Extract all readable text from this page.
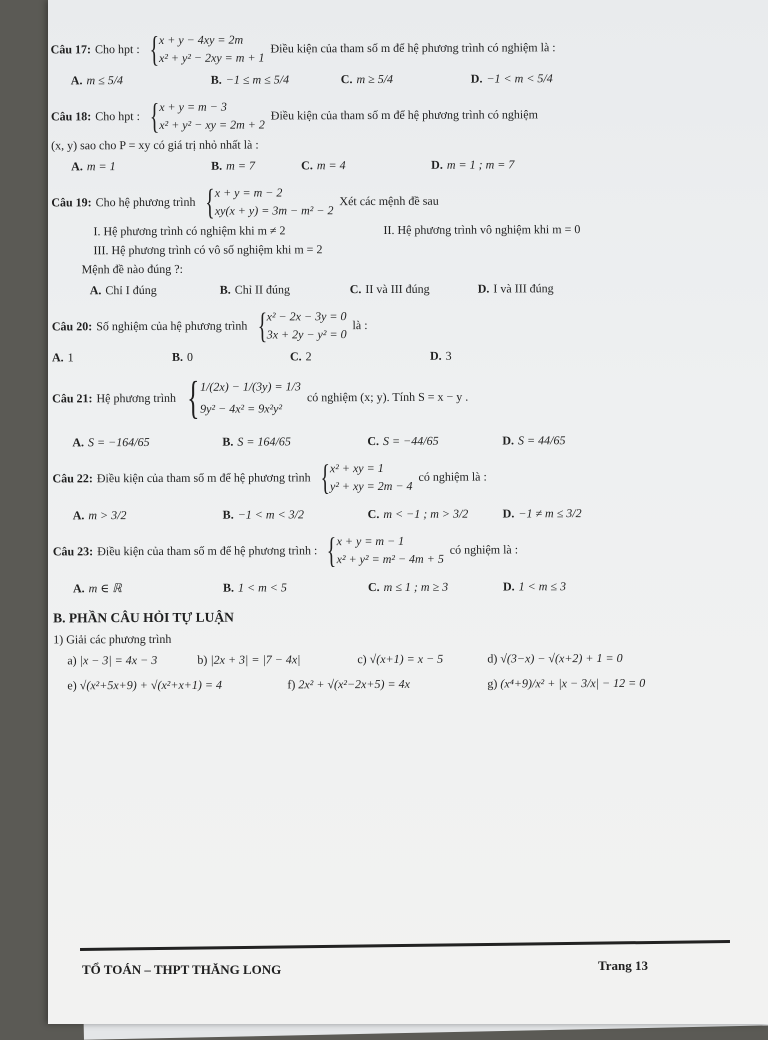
Câu 17: Cho hpt : { x + y − 4xy = 2m
x² + y² − 2xy = m + 1
Điều kiện của tham số m để hệ phương trình có nghiệm là :
A. m ≤ 5/4	B. −1 ≤ m ≤ 5/4	C. m ≥ 5/4	D. −1 < m < 5/4
Câu 18: Cho hpt : { x + y = m − 3
x² + y² − xy = 2m + 2
Điều kiện của tham số m để hệ phương trình có nghiệm
(x, y) sao cho P = xy có giá trị nhỏ nhất là :
A. m = 1	B. m = 7	C. m = 4	D. m = 1 ; m = 7
Câu 19: Cho hệ phương trình { x + y = m − 2
xy(x + y) = 3m − m² − 2
Xét các mệnh đề sau
I. Hệ phương trình có nghiệm khi m ≠ 2	II. Hệ phương trình vô nghiệm khi m = 0
III. Hệ phương trình có vô số nghiệm khi m = 2
Mệnh đề nào đúng ?:
A. Chỉ I đúng	B. Chỉ II đúng	C. II và III đúng	D. I và III đúng
Câu 20: Số nghiệm của hệ phương trình { x² − 2x − 3y = 0
3x + 2y − y² = 0
là :
A. 1	B. 0	C. 2	D. 3
Câu 21: Hệ phương trình { 1/(2x) − 1/(3y) = 1/3
9y² − 4x² = 9x²y²
có nghiệm (x; y). Tính S = x − y .
A. S = −164/65	B. S = 164/65	C. S = −44/65	D. S = 44/65
Câu 22: Điều kiện của tham số m để hệ phương trình { x² + xy = 1
y² + xy = 2m − 4
có nghiệm là :
A. m > 3/2	B. −1 < m < 3/2	C. m < −1 ; m > 3/2	D. −1 ≠ m ≤ 3/2
Câu 23: Điều kiện của tham số m để hệ phương trình : { x + y = m − 1
x² + y² = m² − 4m + 5
có nghiệm là :
A. m ∈ ℝ	B. 1 < m < 5	C. m ≤ 1 ; m ≥ 3	D. 1 < m ≤ 3
B. PHẦN CÂU HỎI TỰ LUẬN
1) Giải các phương trình
a) |x − 3| = 4x − 3	b) |2x + 3| = |7 − 4x|	c) √(x+1) = x − 5	d) √(3−x) − √(x+2) + 1 = 0
e) √(x²+5x+9) + √(x²+x+1) = 4	f) 2x² + √(x²−2x+5) = 4x	g) (x⁴+9)/x² + |x − 3/x| − 12 = 0
TỔ TOÁN – THPT THĂNG LONG	Trang 13
